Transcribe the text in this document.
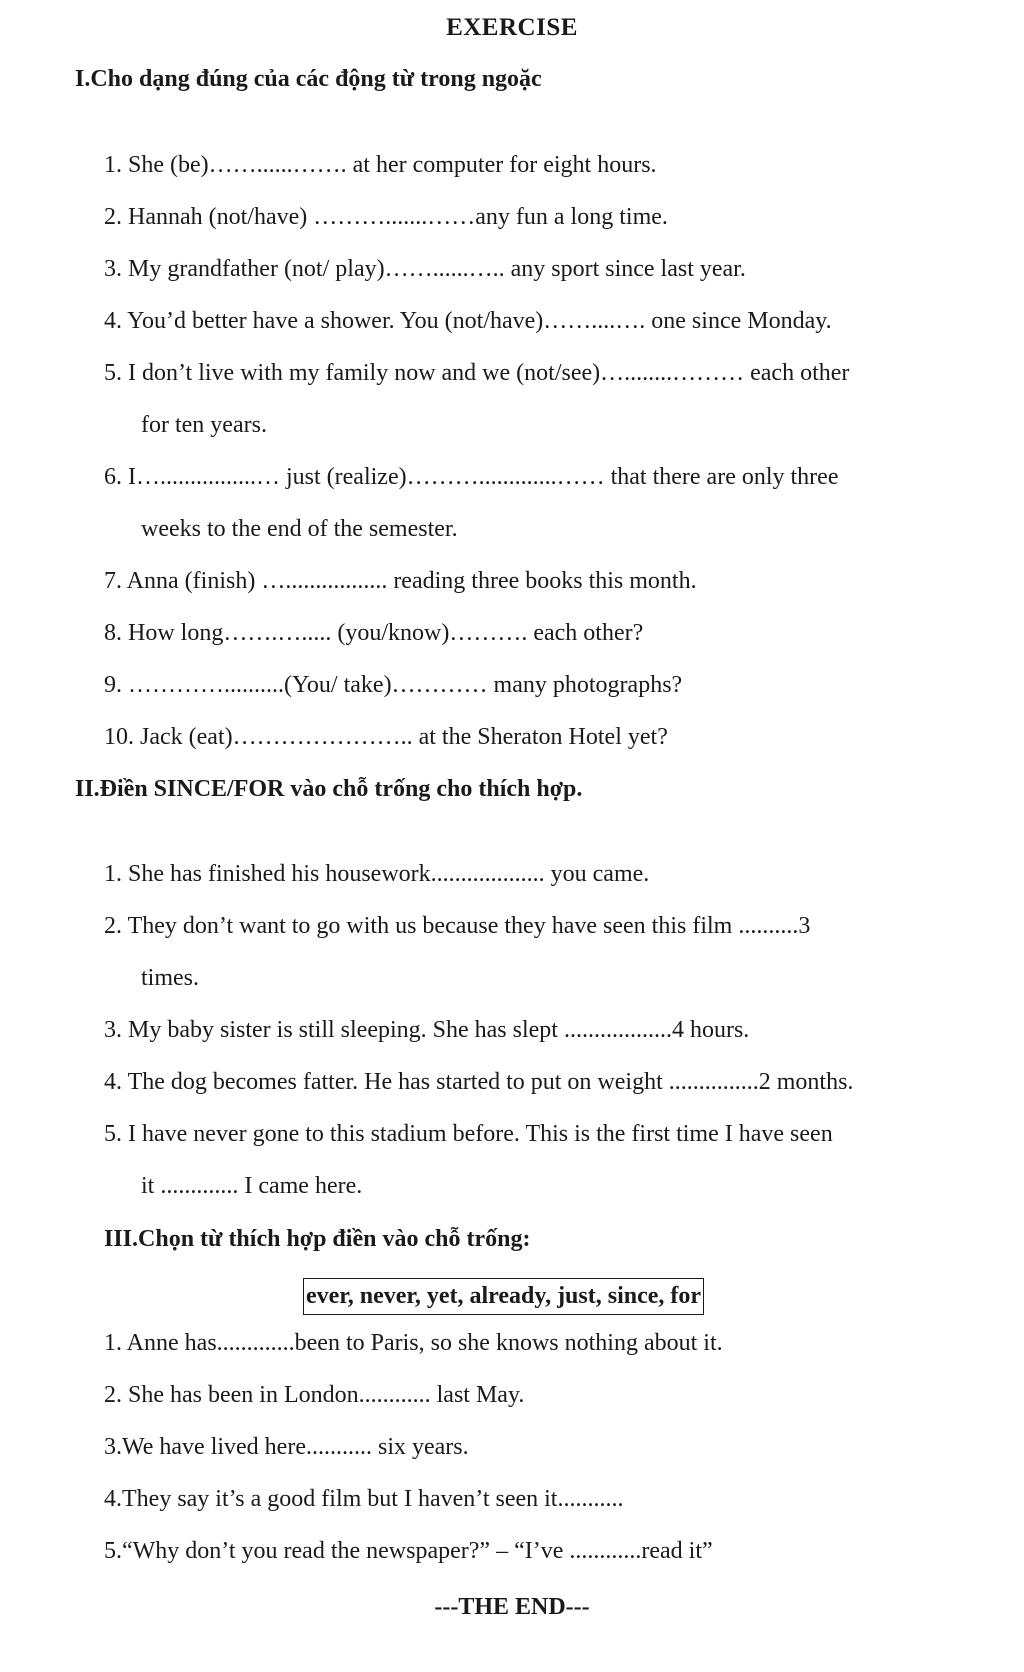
EXERCISE
I.Cho dạng đúng của các động từ trong ngoặc
1. She (be)……......……. at her computer for eight hours.
2. Hannah (not/have) ……….......……any fun a long time.
3. My grandfather (not/ play)……......….. any sport since last year.
4. You’d better have a shower. You (not/have)……....…. one since Monday.
5. I don’t live with my family now and we (not/see)…........……… each other
for ten years.
6. I…................… just (realize)……….............…… that there are only three
weeks to the end of the semester.
7. Anna (finish) …................. reading three books this month.
8. How long…….…..... (you/know)………. each other?
9. …………..........(You/ take)………… many photographs?
10. Jack (eat)………………….. at the Sheraton Hotel yet?
II.Điền SINCE/FOR vào chỗ trống cho thích hợp.
1. She has finished his housework................... you came.
2. They don’t want to go with us because they have seen this film ..........3
times.
3. My baby sister is still sleeping. She has slept ..................4 hours.
4. The dog becomes fatter. He has started to put on weight ...............2 months.
5. I have never gone to this stadium before. This is the first time I have seen
it ............. I came here.
III.Chọn từ thích hợp điền vào chỗ trống:
ever, never, yet, already, just, since, for
1. Anne has.............been to Paris, so she knows nothing about it.
2. She has been in London............ last May.
3.We have lived here........... six years.
4.They say it’s a good film but I haven’t seen it...........
5.“Why don’t you read the newspaper?” – “I’ve ............read it”
---THE END---
